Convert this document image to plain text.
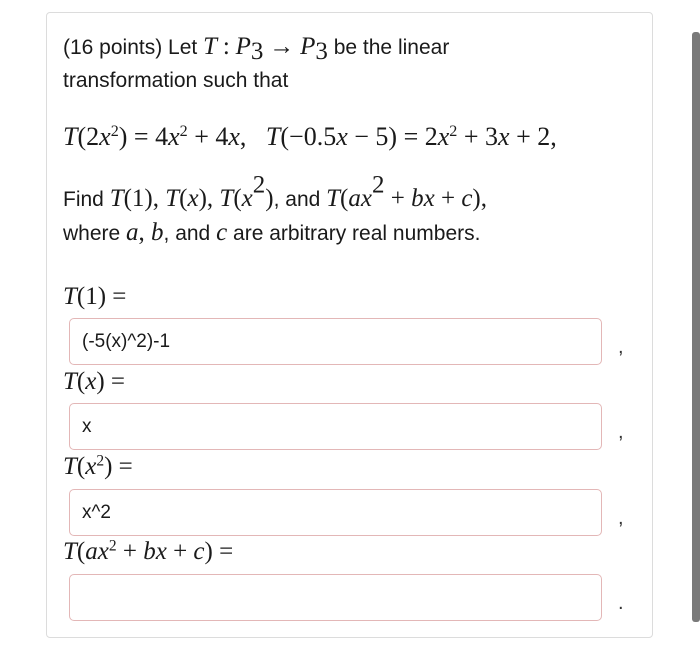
(16 points) Let T : $P_3 \to P_3$ be the linear
transformation such that

$T(2x^2) = 4x^2 + 4x$,   $T(-0.5x - 5) = 2x^2 + 3x + 2$,

Find T(1), T(x), $T(x^2)$, and $T(ax^2$ + bx + c),
where a, b, and c are arbitrary real numbers.

T(1) =
(-5(x)^2)-1
,
T(x) =
x
,
$T(x^2)$ =
x^2
,
$T(ax^2$ + bx + c) =
.
